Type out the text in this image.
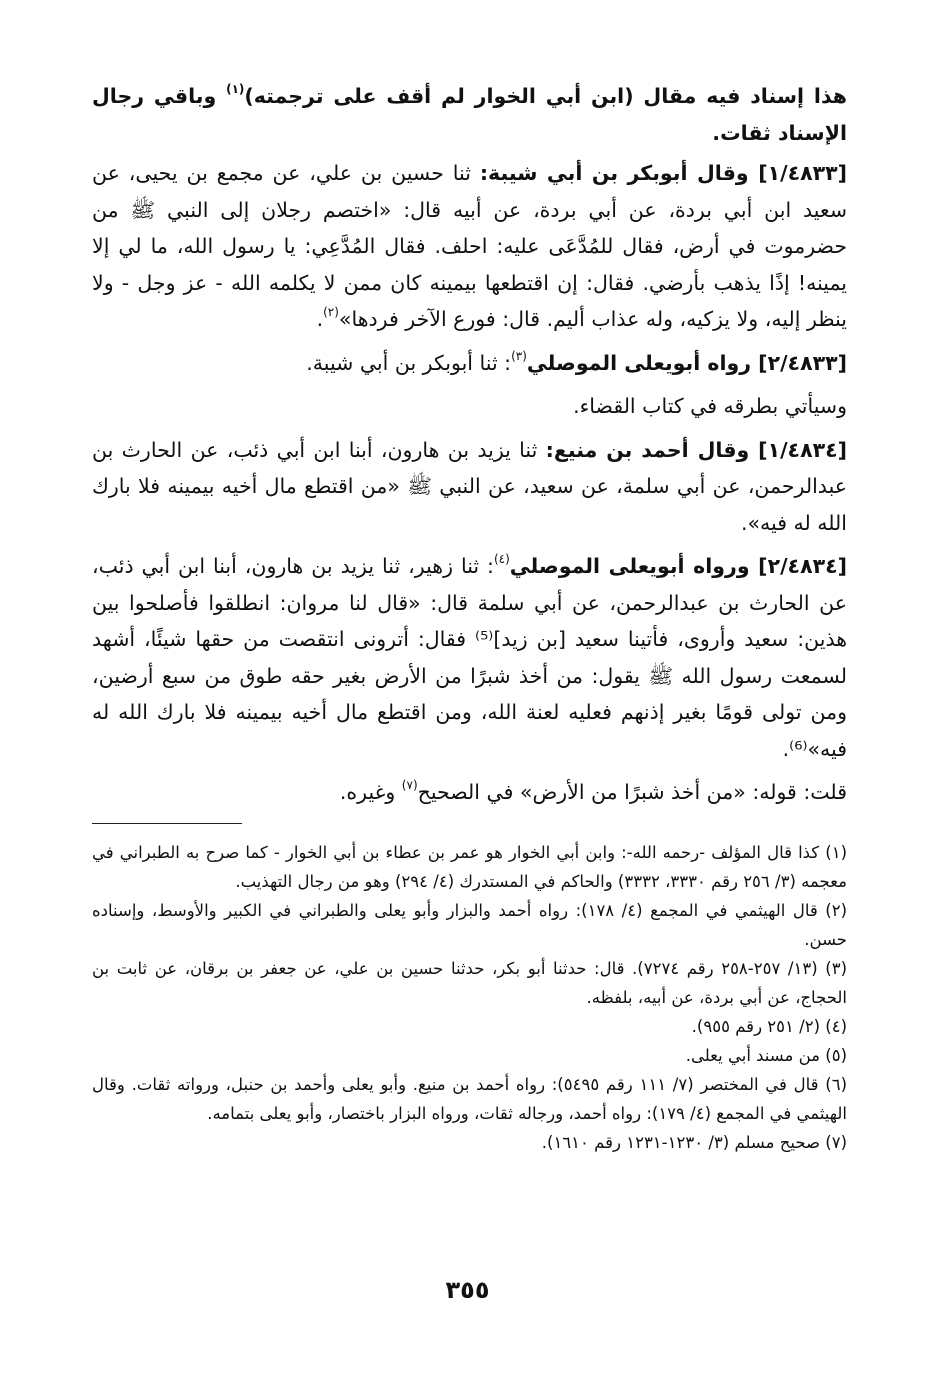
هذا إسناد فيه مقال (ابن أبي الخوار لم أقف على ترجمته)$^{(١)}$ وباقي رجال الإسناد ثقات.

[١/٤٨٣٣] وقال أبوبكر بن أبي شيبة: ثنا حسين بن علي، عن مجمع بن يحيى، عن سعيد ابن أبي بردة، عن أبي بردة، عن أبيه قال: «اختصم رجلان إلى النبي ﷺ من حضرموت في أرض، فقال للمُدَّعَى عليه: احلف. فقال المُدَّعِي: يا رسول الله، ما لي إلا يمينه! إذًا يذهب بأرضي. فقال: إن اقتطعها بيمينه كان ممن لا يكلمه الله - عز وجل - ولا ينظر إليه، ولا يزكيه، وله عذاب أليم. قال: فورع الآخر فردها»$^{(٢)}$.

[٢/٤٨٣٣] رواه أبويعلى الموصلي$^{(٣)}$: ثنا أبوبكر بن أبي شيبة.

وسيأتي بطرقه في كتاب القضاء.

[١/٤٨٣٤] وقال أحمد بن منيع: ثنا يزيد بن هارون، أبنا ابن أبي ذئب، عن الحارث بن عبدالرحمن، عن أبي سلمة، عن سعيد، عن النبي ﷺ «من اقتطع مال أخيه بيمينه فلا بارك الله له فيه».

[٢/٤٨٣٤] ورواه أبويعلى الموصلي$^{(٤)}$: ثنا زهير، ثنا يزيد بن هارون، أبنا ابن أبي ذئب، عن الحارث بن عبدالرحمن، عن أبي سلمة قال: «قال لنا مروان: انطلقوا فأصلحوا بين هذين: سعيد وأروى، فأتينا سعيد [بن زيد]⁽⁵⁾ فقال: أترونى انتقصت من حقها شيئًا، أشهد لسمعت رسول الله ﷺ يقول: من أخذ شبرًا من الأرض بغير حقه طوق من سبع أرضين، ومن تولى قومًا بغير إذنهم فعليه لعنة الله، ومن اقتطع مال أخيه بيمينه فلا بارك الله له فيه»⁽⁶⁾.

قلت: قوله: «من أخذ شبرًا من الأرض» في الصحيح$^{(٧)}$ وغيره.

(١) كذا قال المؤلف -رحمه الله-: وابن أبي الخوار هو عمر بن عطاء بن أبي الخوار - كما صرح به الطبراني في معجمه (٣/ ٢٥٦ رقم ٣٣٣٠، ٣٣٣٢) والحاكم في المستدرك (٤/ ٢٩٤) وهو من رجال التهذيب.

(٢) قال الهيثمي في المجمع (٤/ ١٧٨): رواه أحمد والبزار وأبو يعلى والطبراني في الكبير والأوسط، وإسناده حسن.

(٣) (١٣/ ٢٥٧-٢٥٨ رقم ٧٢٧٤). قال: حدثنا أبو بكر، حدثنا حسين بن علي، عن جعفر بن برقان، عن ثابت بن الحجاج، عن أبي بردة، عن أبيه، بلفظه.

(٤) (٢/ ٢٥١ رقم ٩٥٥).

(٥) من مسند أبي يعلى.

(٦) قال في المختصر (٧/ ١١١ رقم ٥٤٩٥): رواه أحمد بن منيع. وأبو يعلى وأحمد بن حنبل، ورواته ثقات. وقال الهيثمي في المجمع (٤/ ١٧٩): رواه أحمد، ورجاله ثقات، ورواه البزار باختصار، وأبو يعلى بتمامه.

(٧) صحيح مسلم (٣/ ١٢٣٠-١٢٣١ رقم ١٦١٠).

٣٥٥
